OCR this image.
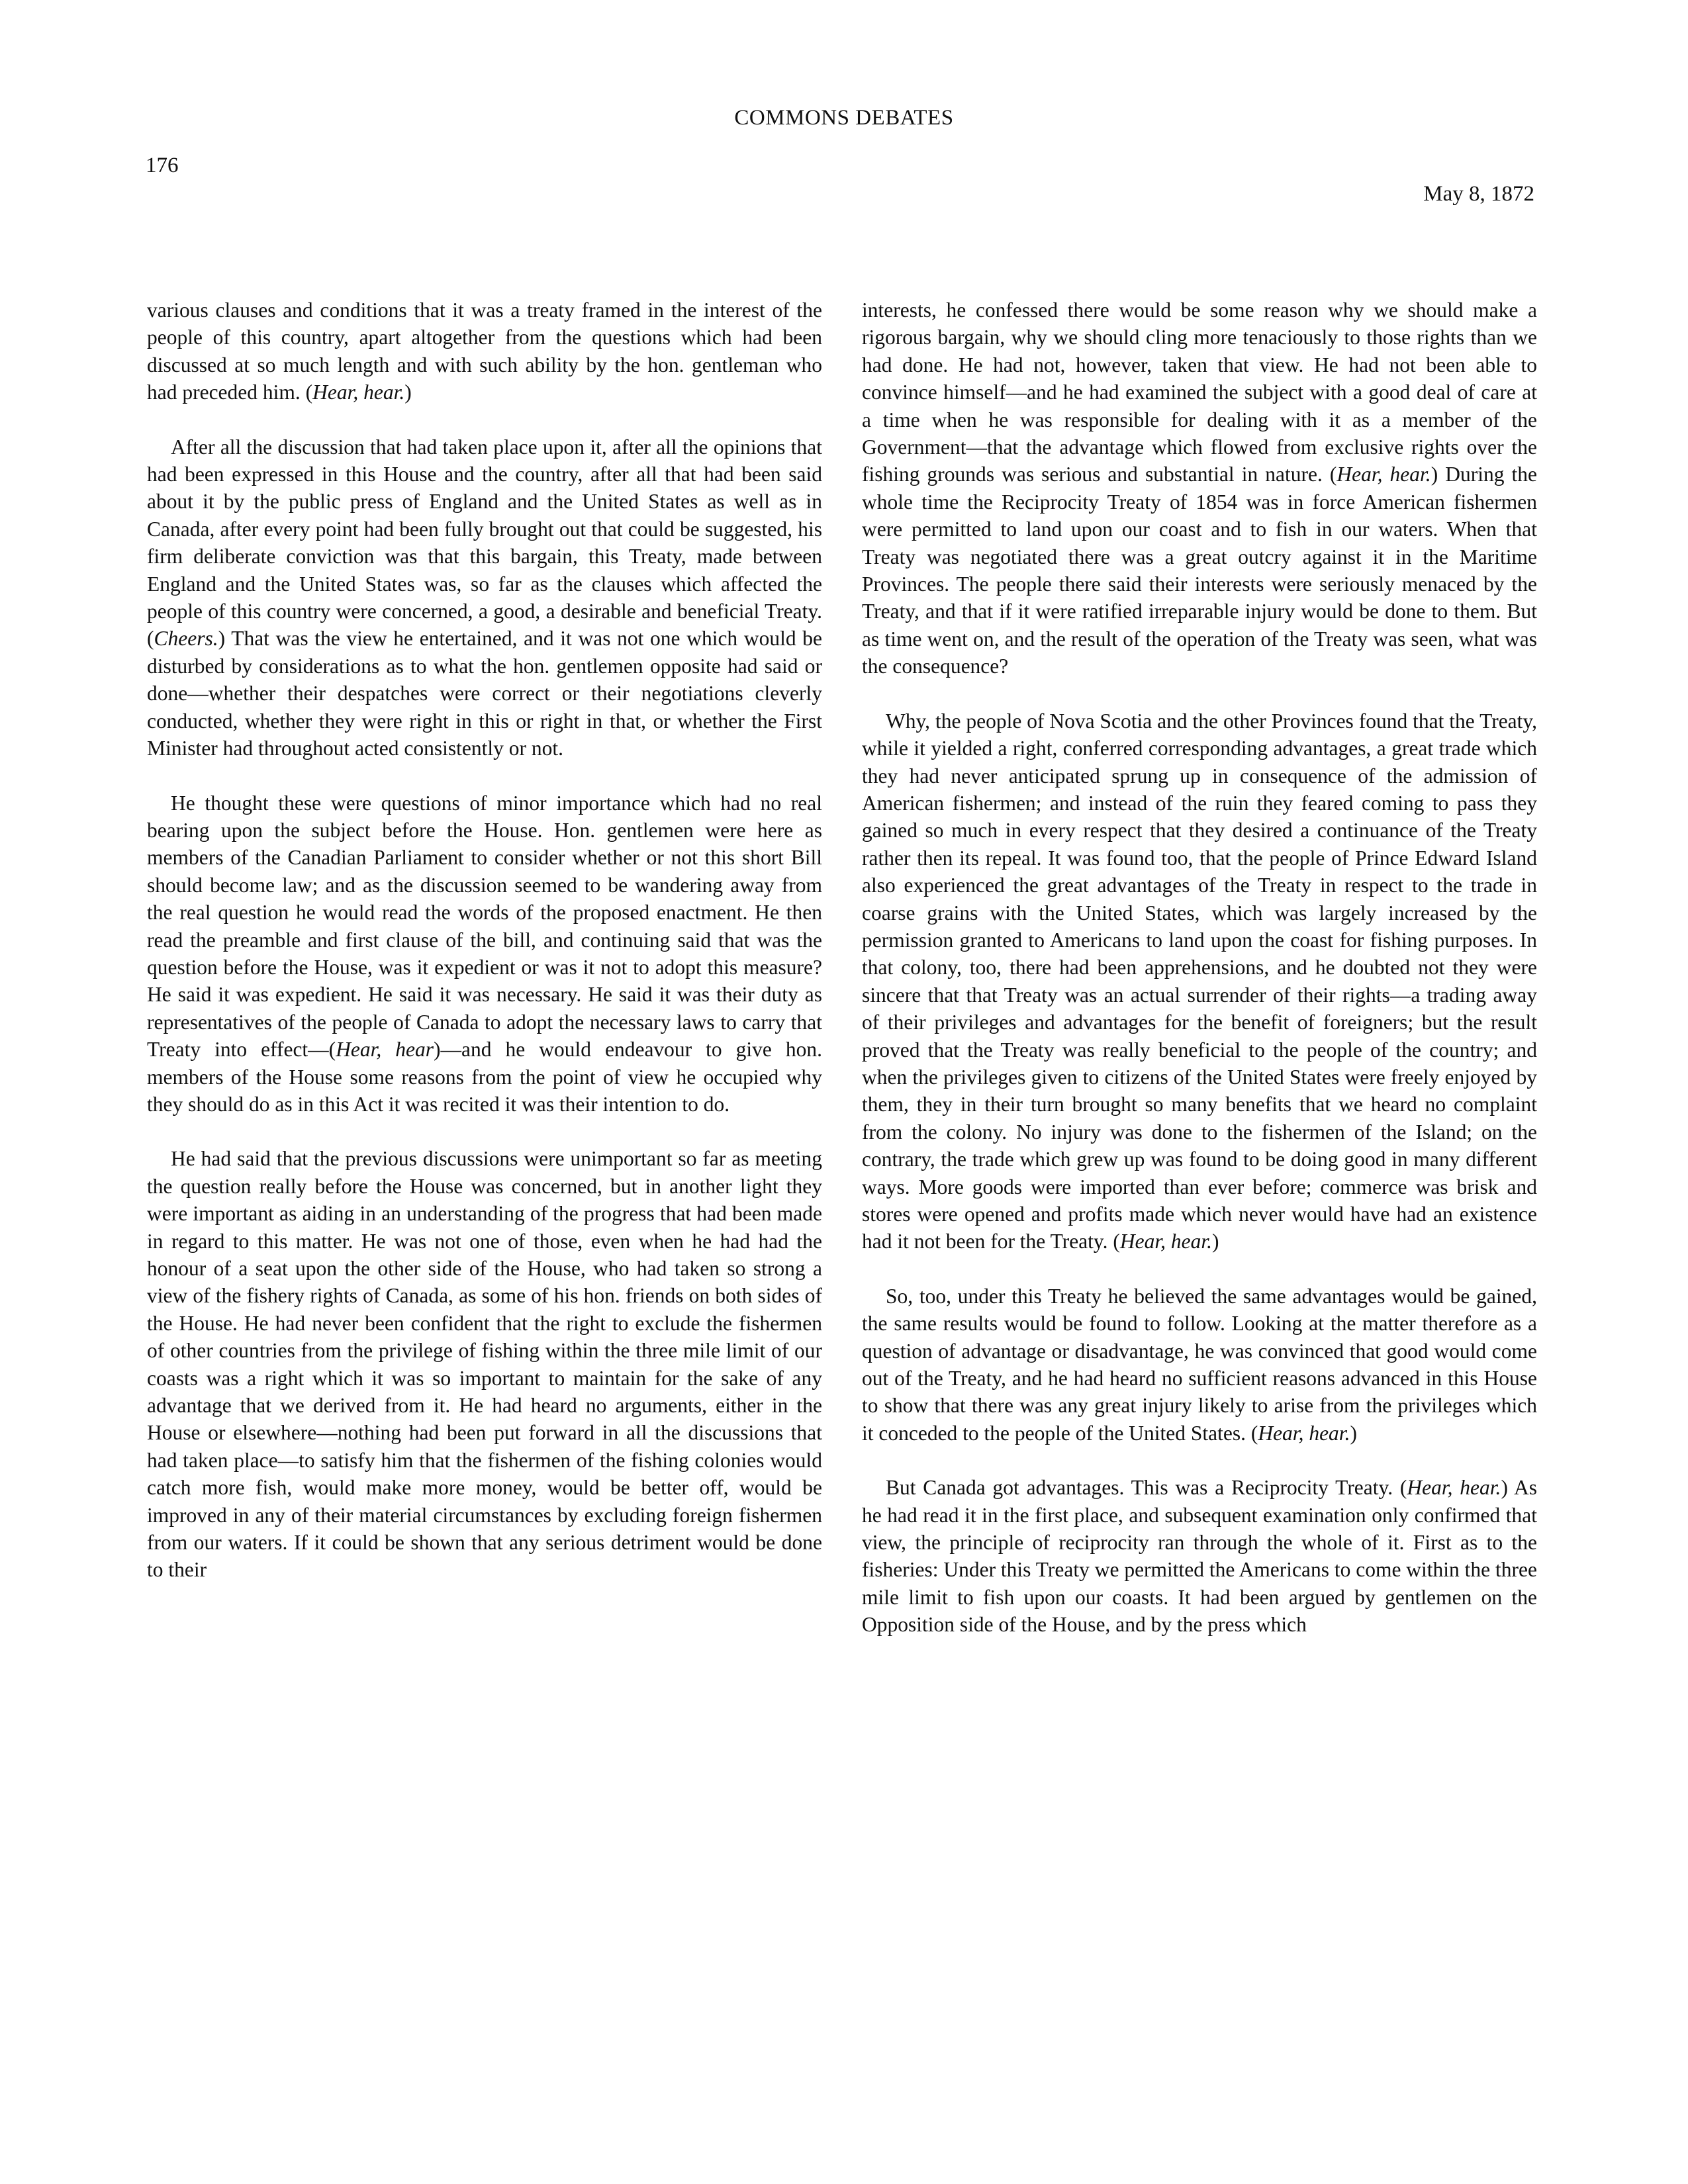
COMMONS DEBATES
176
May 8, 1872

various clauses and conditions that it was a treaty framed in the interest of the people of this country, apart altogether from the questions which had been discussed at so much length and with such ability by the hon. gentleman who had preceded him. (Hear, hear.)

After all the discussion that had taken place upon it, after all the opinions that had been expressed in this House and the country, after all that had been said about it by the public press of England and the United States as well as in Canada, after every point had been fully brought out that could be suggested, his firm deliberate conviction was that this bargain, this Treaty, made between England and the United States was, so far as the clauses which affected the people of this country were concerned, a good, a desirable and beneficial Treaty. (Cheers.) That was the view he entertained, and it was not one which would be disturbed by considerations as to what the hon. gentlemen opposite had said or done—whether their despatches were correct or their negotiations cleverly conducted, whether they were right in this or right in that, or whether the First Minister had throughout acted consistently or not.

He thought these were questions of minor importance which had no real bearing upon the subject before the House. Hon. gentlemen were here as members of the Canadian Parliament to consider whether or not this short Bill should become law; and as the discussion seemed to be wandering away from the real question he would read the words of the proposed enactment. He then read the preamble and first clause of the bill, and continuing said that was the question before the House, was it expedient or was it not to adopt this measure? He said it was expedient. He said it was necessary. He said it was their duty as representatives of the people of Canada to adopt the necessary laws to carry that Treaty into effect—(Hear, hear)—and he would endeavour to give hon. members of the House some reasons from the point of view he occupied why they should do as in this Act it was recited it was their intention to do.

He had said that the previous discussions were unimportant so far as meeting the question really before the House was concerned, but in another light they were important as aiding in an understanding of the progress that had been made in regard to this matter. He was not one of those, even when he had had the honour of a seat upon the other side of the House, who had taken so strong a view of the fishery rights of Canada, as some of his hon. friends on both sides of the House. He had never been confident that the right to exclude the fishermen of other countries from the privilege of fishing within the three mile limit of our coasts was a right which it was so important to maintain for the sake of any advantage that we derived from it. He had heard no arguments, either in the House or elsewhere—nothing had been put forward in all the discussions that had taken place—to satisfy him that the fishermen of the fishing colonies would catch more fish, would make more money, would be better off, would be improved in any of their material circumstances by excluding foreign fishermen from our waters. If it could be shown that any serious detriment would be done to their

interests, he confessed there would be some reason why we should make a rigorous bargain, why we should cling more tenaciously to those rights than we had done. He had not, however, taken that view. He had not been able to convince himself—and he had examined the subject with a good deal of care at a time when he was responsible for dealing with it as a member of the Government—that the advantage which flowed from exclusive rights over the fishing grounds was serious and substantial in nature. (Hear, hear.) During the whole time the Reciprocity Treaty of 1854 was in force American fishermen were permitted to land upon our coast and to fish in our waters. When that Treaty was negotiated there was a great outcry against it in the Maritime Provinces. The people there said their interests were seriously menaced by the Treaty, and that if it were ratified irreparable injury would be done to them. But as time went on, and the result of the operation of the Treaty was seen, what was the consequence?

Why, the people of Nova Scotia and the other Provinces found that the Treaty, while it yielded a right, conferred corresponding advantages, a great trade which they had never anticipated sprung up in consequence of the admission of American fishermen; and instead of the ruin they feared coming to pass they gained so much in every respect that they desired a continuance of the Treaty rather then its repeal. It was found too, that the people of Prince Edward Island also experienced the great advantages of the Treaty in respect to the trade in coarse grains with the United States, which was largely increased by the permission granted to Americans to land upon the coast for fishing purposes. In that colony, too, there had been apprehensions, and he doubted not they were sincere that that Treaty was an actual surrender of their rights—a trading away of their privileges and advantages for the benefit of foreigners; but the result proved that the Treaty was really beneficial to the people of the country; and when the privileges given to citizens of the United States were freely enjoyed by them, they in their turn brought so many benefits that we heard no complaint from the colony. No injury was done to the fishermen of the Island; on the contrary, the trade which grew up was found to be doing good in many different ways. More goods were imported than ever before; commerce was brisk and stores were opened and profits made which never would have had an existence had it not been for the Treaty. (Hear, hear.)

So, too, under this Treaty he believed the same advantages would be gained, the same results would be found to follow. Looking at the matter therefore as a question of advantage or disadvantage, he was convinced that good would come out of the Treaty, and he had heard no sufficient reasons advanced in this House to show that there was any great injury likely to arise from the privileges which it conceded to the people of the United States. (Hear, hear.)

But Canada got advantages. This was a Reciprocity Treaty. (Hear, hear.) As he had read it in the first place, and subsequent examination only confirmed that view, the principle of reciprocity ran through the whole of it. First as to the fisheries: Under this Treaty we permitted the Americans to come within the three mile limit to fish upon our coasts. It had been argued by gentlemen on the Opposition side of the House, and by the press which
